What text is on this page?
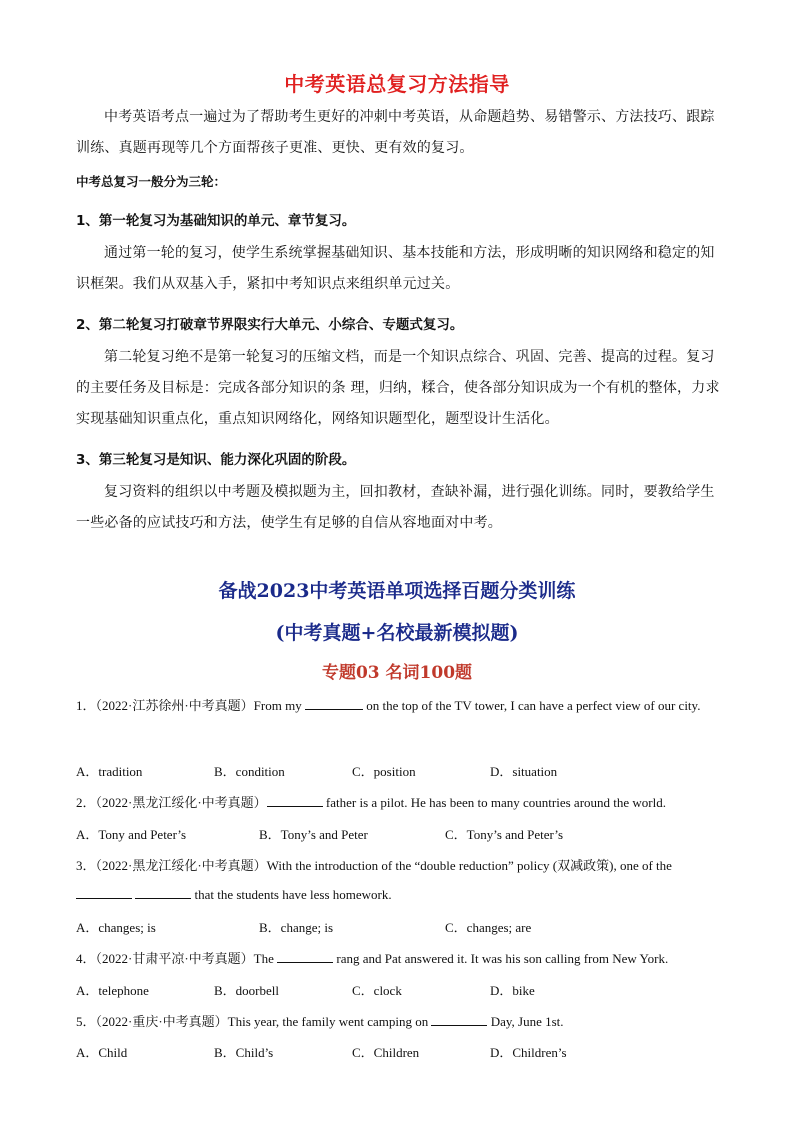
中考英语总复习方法指导
中考英语考点一遍过为了帮助考生更好的冲刺中考英语，从命题趋势、易错警示、方法技巧、跟踪训练、真题再现等几个方面帮孩子更准、更快、更有效的复习。
中考总复习一般分为三轮：
1、第一轮复习为基础知识的单元、章节复习。
通过第一轮的复习，使学生系统掌握基础知识、基本技能和方法，形成明晰的知识网络和稳定的知识框架。我们从双基入手，紧扣中考知识点来组织单元过关。
2、第二轮复习打破章节界限实行大单元、小综合、专题式复习。
第二轮复习绝不是第一轮复习的压缩文档，而是一个知识点综合、巩固、完善、提高的过程。复习的主要任务及目标是：完成各部分知识的条 理，归纳，糅合，使各部分知识成为一个有机的整体，力求实现基础知识重点化，重点知识网络化，网络知识题型化，题型设计生活化。
3、第三轮复习是知识、能力深化巩固的阶段。
复习资料的组织以中考题及模拟题为主，回扣教材，查缺补漏，进行强化训练。同时，要教给学生一些必备的应试技巧和方法，使学生有足够的自信从容地面对中考。
备战2023中考英语单项选择百题分类训练
(中考真题+名校最新模拟题)
专题03 名词100题
1．（2022·江苏徐州·中考真题）From my	on the top of the TV tower, I can have a perfect view of our city.
A．tradition	B．condition	C．position	D．situation
2．（2022·黑龙江绥化·中考真题）	father is a pilot. He has been to many countries around the world.
A．Tony and Peter’s	B．Tony’s and Peter	C．Tony’s and Peter’s
3．（2022·黑龙江绥化·中考真题）With the introduction of the “double reduction” policy (双减政策), one of the
that the students have less homework.
A．changes; is	B．change; is	C．changes; are
4．（2022·甘肃平凉·中考真题）The	rang and Pat answered it. It was his son calling from New York.
A．telephone	B．doorbell	C．clock	D．bike
5．（2022·重庆·中考真题）This year, the family went camping on	Day, June 1st.
A．Child	B．Child’s	C．Children	D．Children’s
